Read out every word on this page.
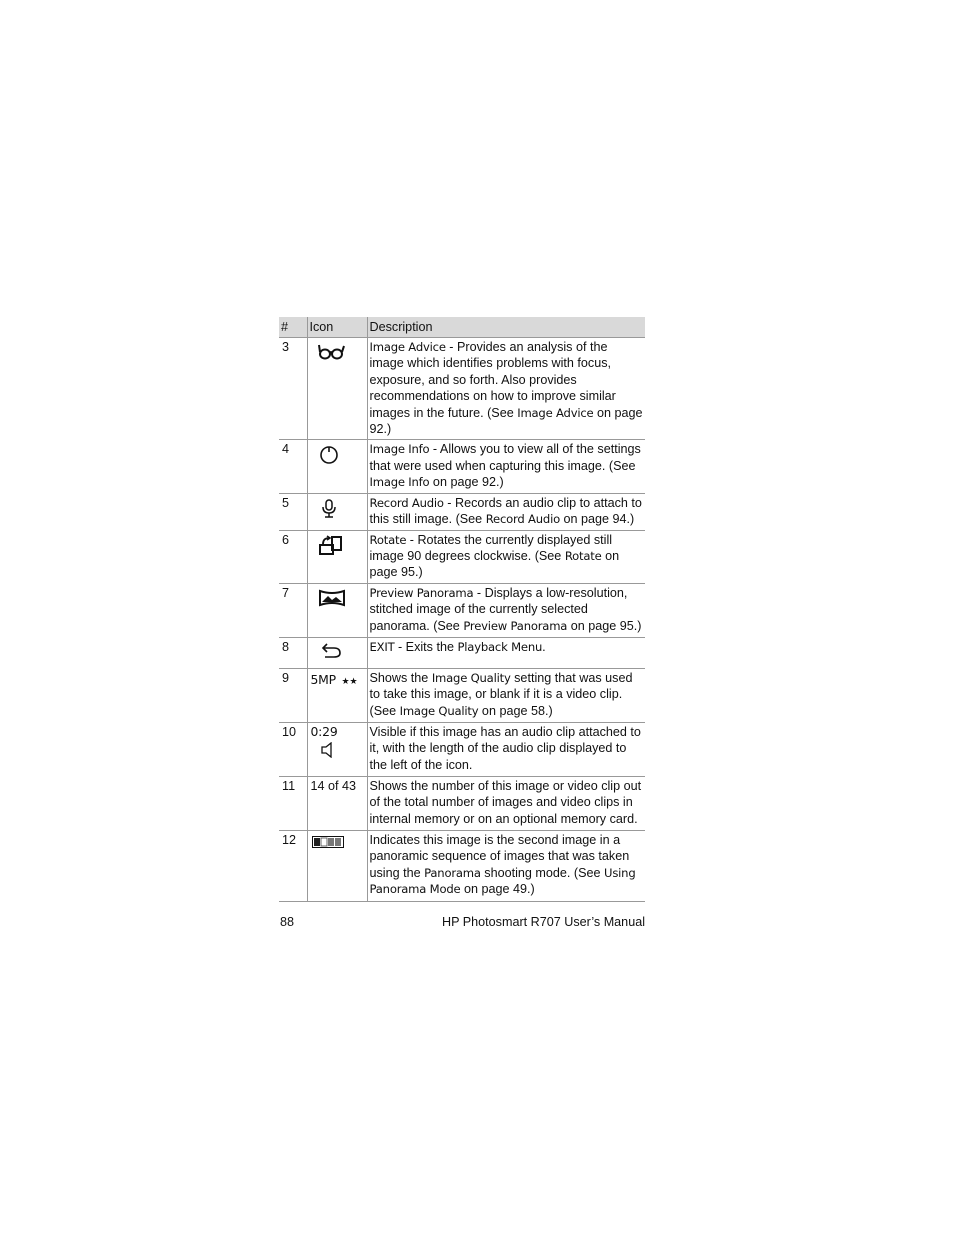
#	Icon	Description
3		Image Advice - Provides an analysis of the image which identifies problems with focus, exposure, and so forth. Also provides recommendations on how to improve similar images in the future. (See Image Advice on page 92.)
4		Image Info - Allows you to view all of the settings that were used when capturing this image. (See Image Info on page 92.)
5		Record Audio - Records an audio clip to attach to this still image. (See Record Audio on page 94.)
6		Rotate - Rotates the currently displayed still image 90 degrees clockwise. (See Rotate on page 95.)
7		Preview Panorama - Displays a low-resolution, stitched image of the currently selected panorama. (See Preview Panorama on page 95.)
8		EXIT - Exits the Playback Menu.
9	5MP ★★	Shows the Image Quality setting that was used to take this image, or blank if it is a video clip. (See Image Quality on page 58.)
10	0:29	Visible if this image has an audio clip attached to it, with the length of the audio clip displayed to the left of the icon.
11	14 of 43	Shows the number of this image or video clip out of the total number of images and video clips in internal memory or on an optional memory card.
12		Indicates this image is the second image in a panoramic sequence of images that was taken using the Panorama shooting mode. (See Using Panorama Mode on page 49.)
88	HP Photosmart R707 User’s Manual
